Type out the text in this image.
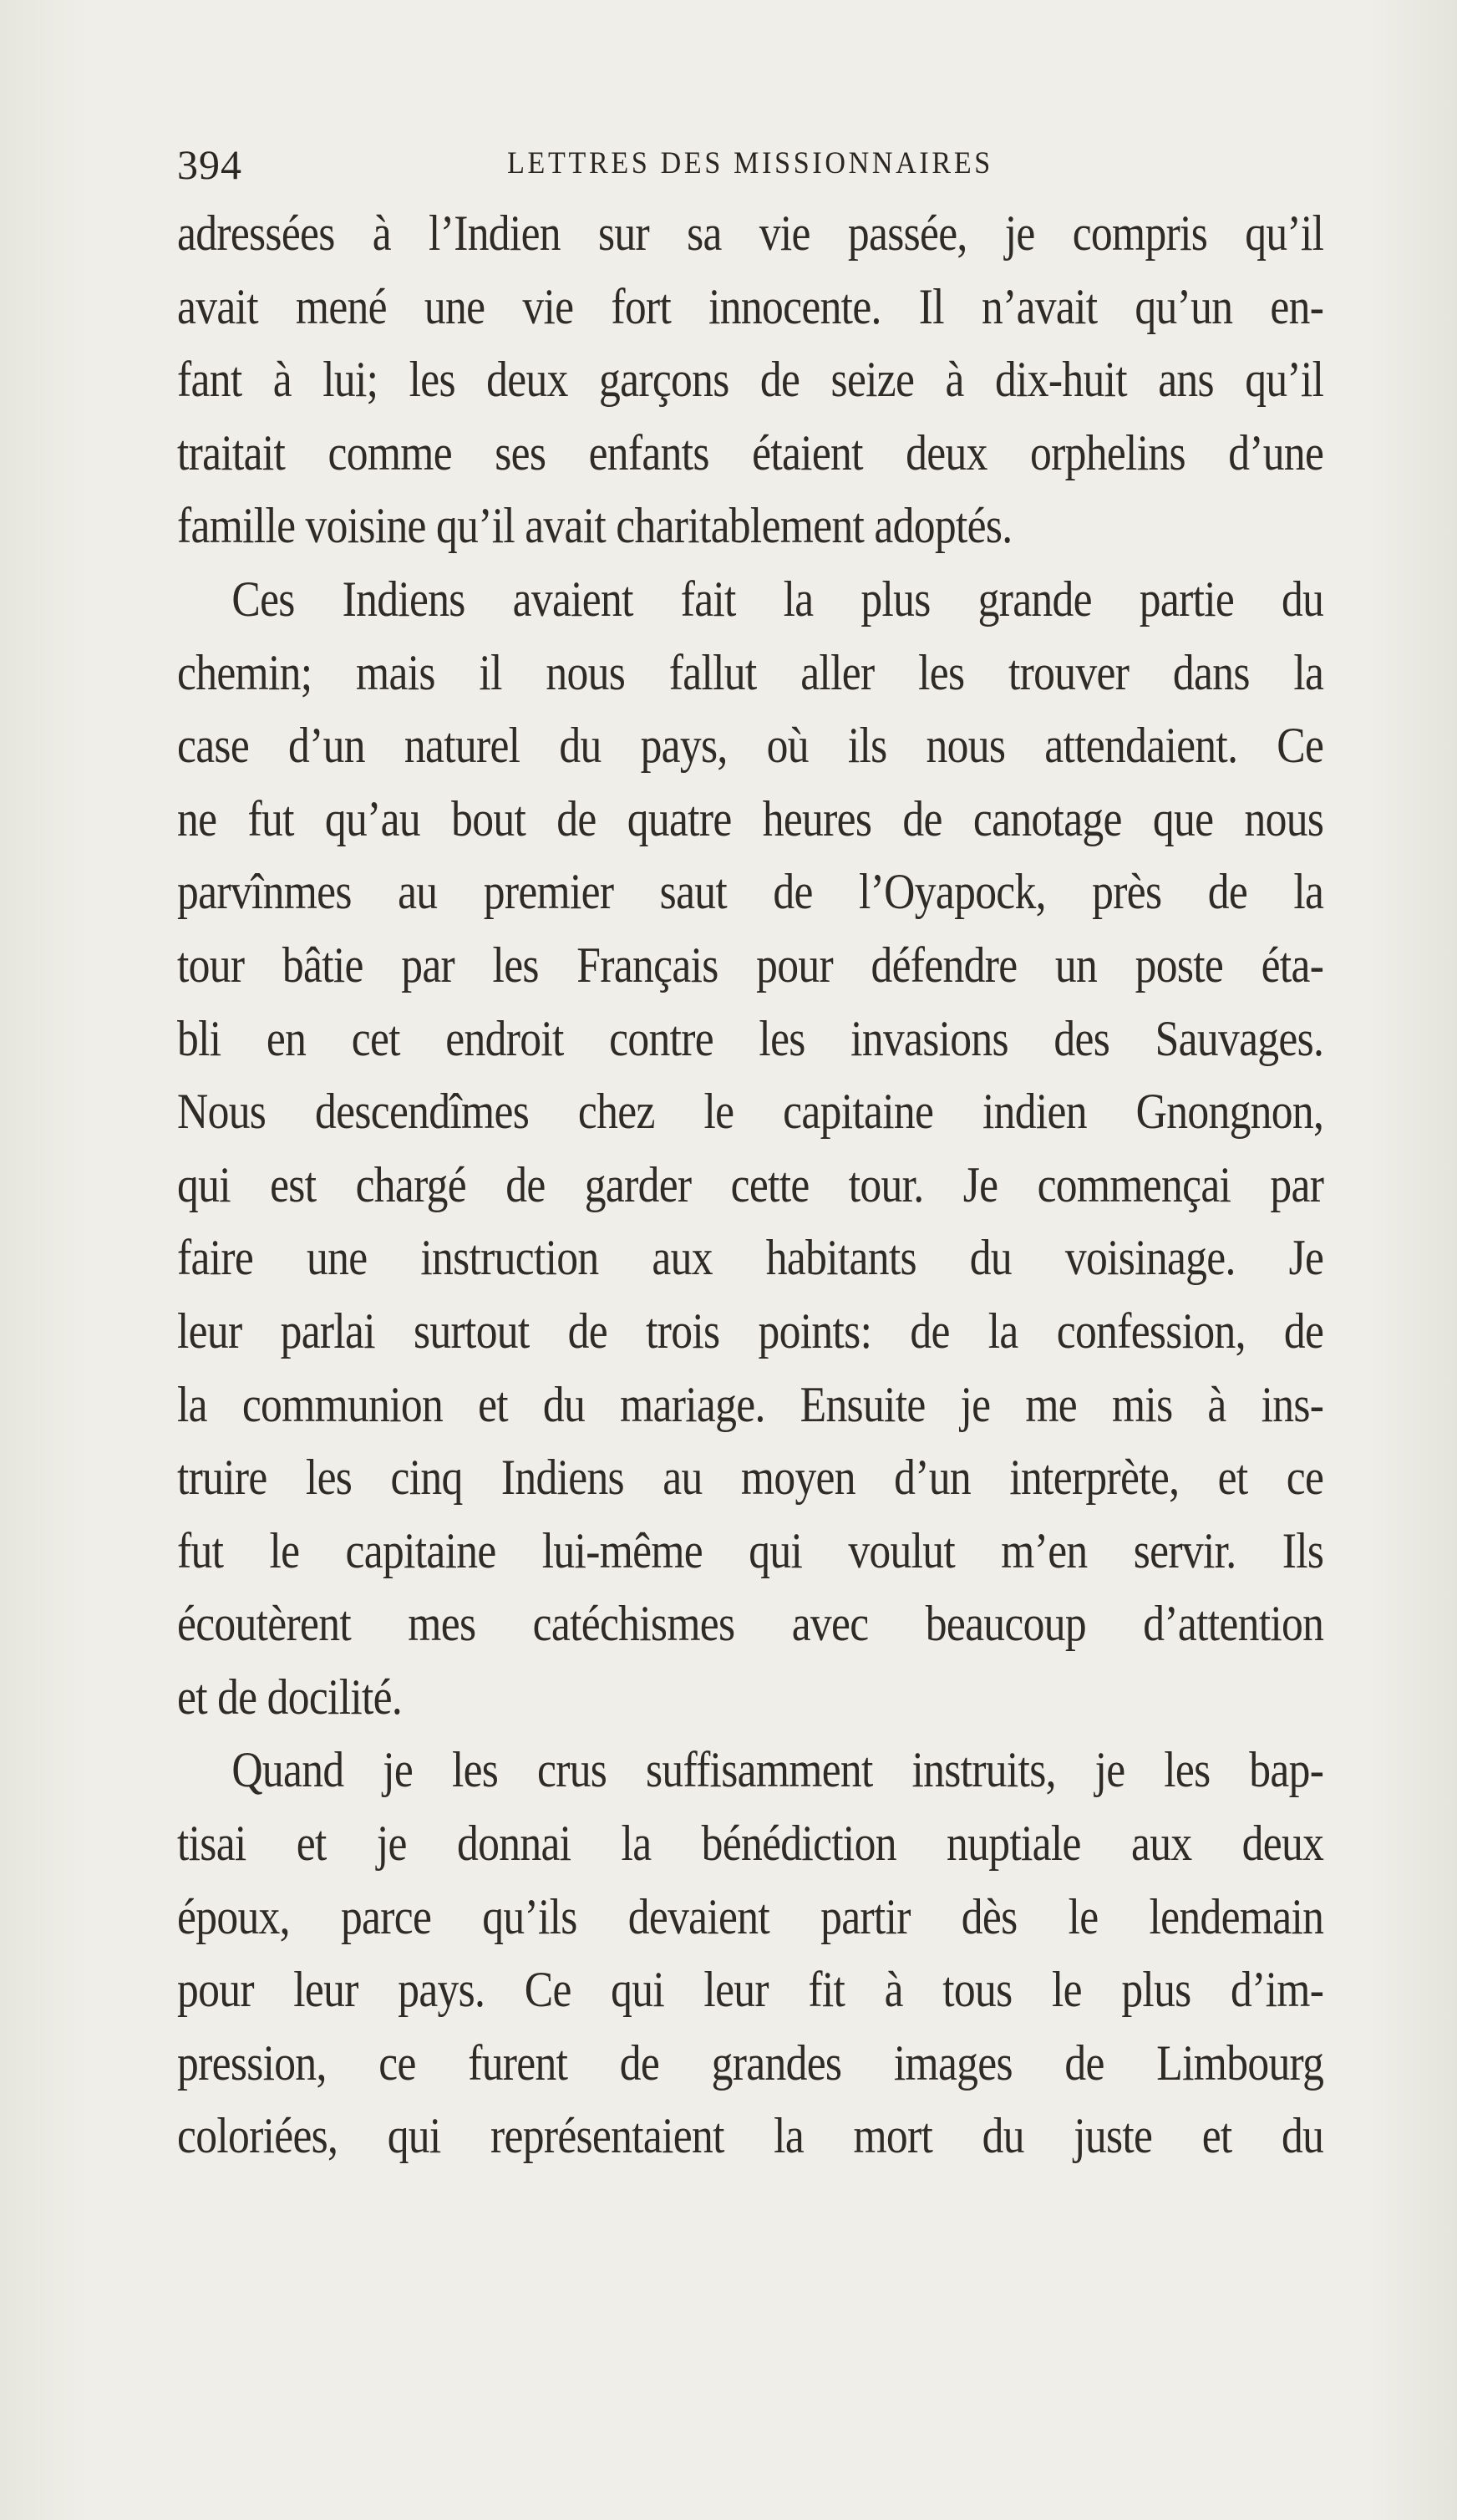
394	LETTRES DES MISSIONNAIRES
adressées à l’Indien sur sa vie passée, je compris qu’il
avait mené une vie fort innocente. Il n’avait qu’un en-
fant à lui; les deux garçons de seize à dix-huit ans qu’il
traitait comme ses enfants étaient deux orphelins d’une
famille voisine qu’il avait charitablement adoptés.
Ces Indiens avaient fait la plus grande partie du
chemin; mais il nous fallut aller les trouver dans la
case d’un naturel du pays, où ils nous attendaient. Ce
ne fut qu’au bout de quatre heures de canotage que nous
parvînmes au premier saut de l’Oyapock, près de la
tour bâtie par les Français pour défendre un poste éta-
bli en cet endroit contre les invasions des Sauvages.
Nous descendîmes chez le capitaine indien Gnongnon,
qui est chargé de garder cette tour. Je commençai par
faire une instruction aux habitants du voisinage. Je
leur parlai surtout de trois points: de la confession, de
la communion et du mariage. Ensuite je me mis à ins-
truire les cinq Indiens au moyen d’un interprète, et ce
fut le capitaine lui-même qui voulut m’en servir. Ils
écoutèrent mes catéchismes avec beaucoup d’attention
et de docilité.
Quand je les crus suffisamment instruits, je les bap-
tisai et je donnai la bénédiction nuptiale aux deux
époux, parce qu’ils devaient partir dès le lendemain
pour leur pays. Ce qui leur fit à tous le plus d’im-
pression, ce furent de grandes images de Limbourg
coloriées, qui représentaient la mort du juste et du
